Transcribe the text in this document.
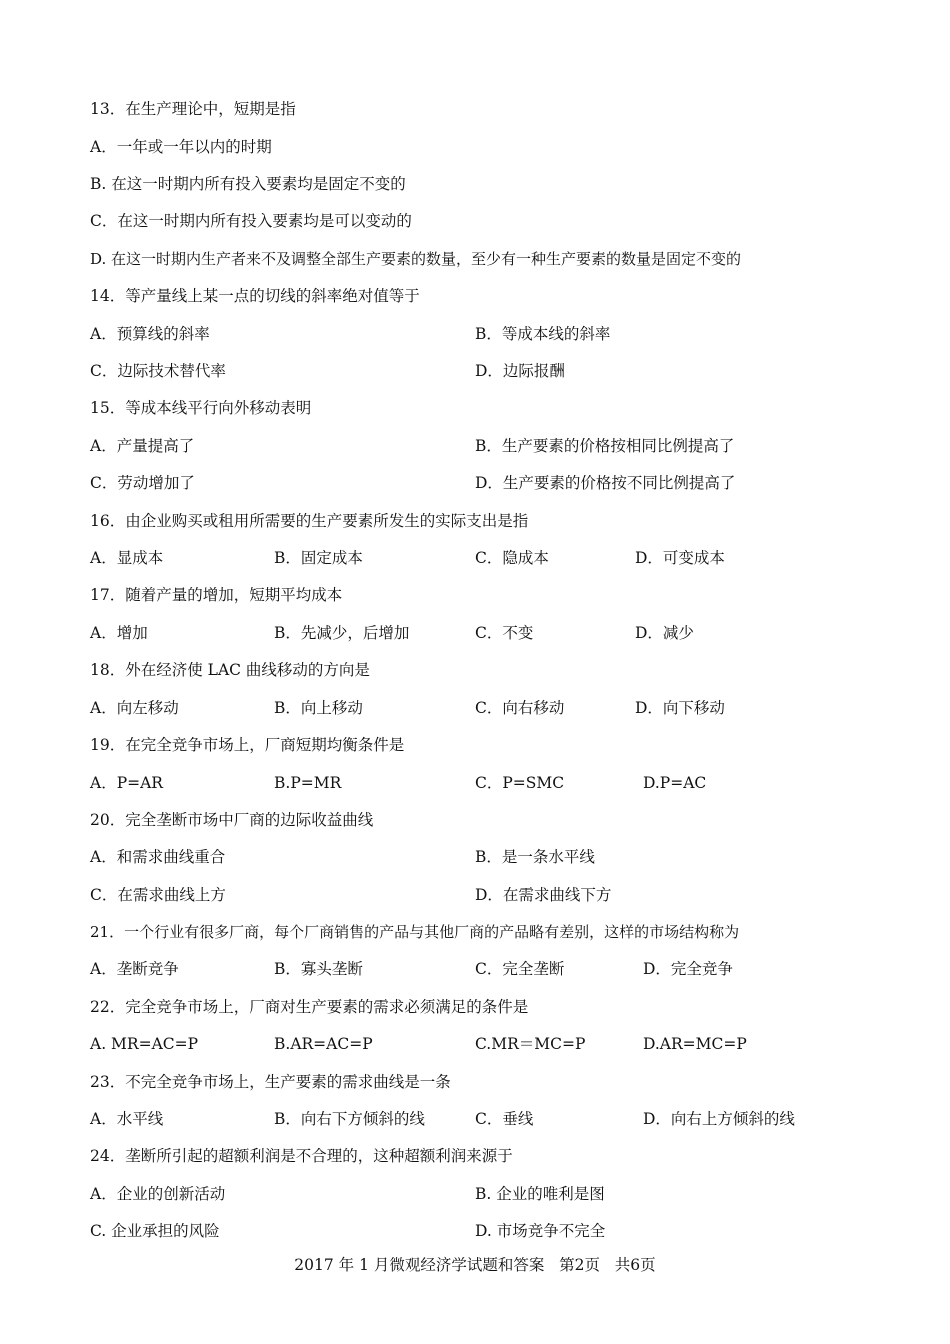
13．在生产理论中，短期是指
A．一年或一年以内的时期
B. 在这一时期内所有投入要素均是固定不变的
C．在这一时期内所有投入要素均是可以变动的
D. 在这一时期内生产者来不及调整全部生产要素的数量，至少有一种生产要素的数量是固定不变的
14．等产量线上某一点的切线的斜率绝对值等于
A．预算线的斜率	B．等成本线的斜率
C．边际技术替代率	D．边际报酬
15．等成本线平行向外移动表明
A．产量提高了	B．生产要素的价格按相同比例提高了
C．劳动增加了	D．生产要素的价格按不同比例提高了
16．由企业购买或租用所需要的生产要素所发生的实际支出是指
A．显成本	B．固定成本	C．隐成本	D．可变成本
17．随着产量的增加，短期平均成本
A．增加	B．先减少，后增加	C．不变	D．减少
18．外在经济使 LAC 曲线移动的方向是
A．向左移动	B．向上移动	C．向右移动	D．向下移动
19．在完全竞争市场上，厂商短期均衡条件是
A．P=AR	B.P=MR	C．P=SMC	D.P=AC
20．完全垄断市场中厂商的边际收益曲线
A．和需求曲线重合	B．是一条水平线
C．在需求曲线上方	D．在需求曲线下方
21．一个行业有很多厂商，每个厂商销售的产品与其他厂商的产品略有差别，这样的市场结构称为
A．垄断竞争	B．寡头垄断	C．完全垄断	D．完全竞争
22．完全竞争市场上，厂商对生产要素的需求必须满足的条件是
A. MR=AC=P	B.AR=AC=P	C.MR＝MC=P	D.AR=MC=P
23．不完全竞争市场上，生产要素的需求曲线是一条
A．水平线	B．向右下方倾斜的线	C．垂线	D．向右上方倾斜的线
24．垄断所引起的超额利润是不合理的，这种超额利润来源于
A．企业的创新活动	B. 企业的唯利是图
C. 企业承担的风险	D. 市场竞争不完全
2017 年 1 月微观经济学试题和答案   第2页   共6页
